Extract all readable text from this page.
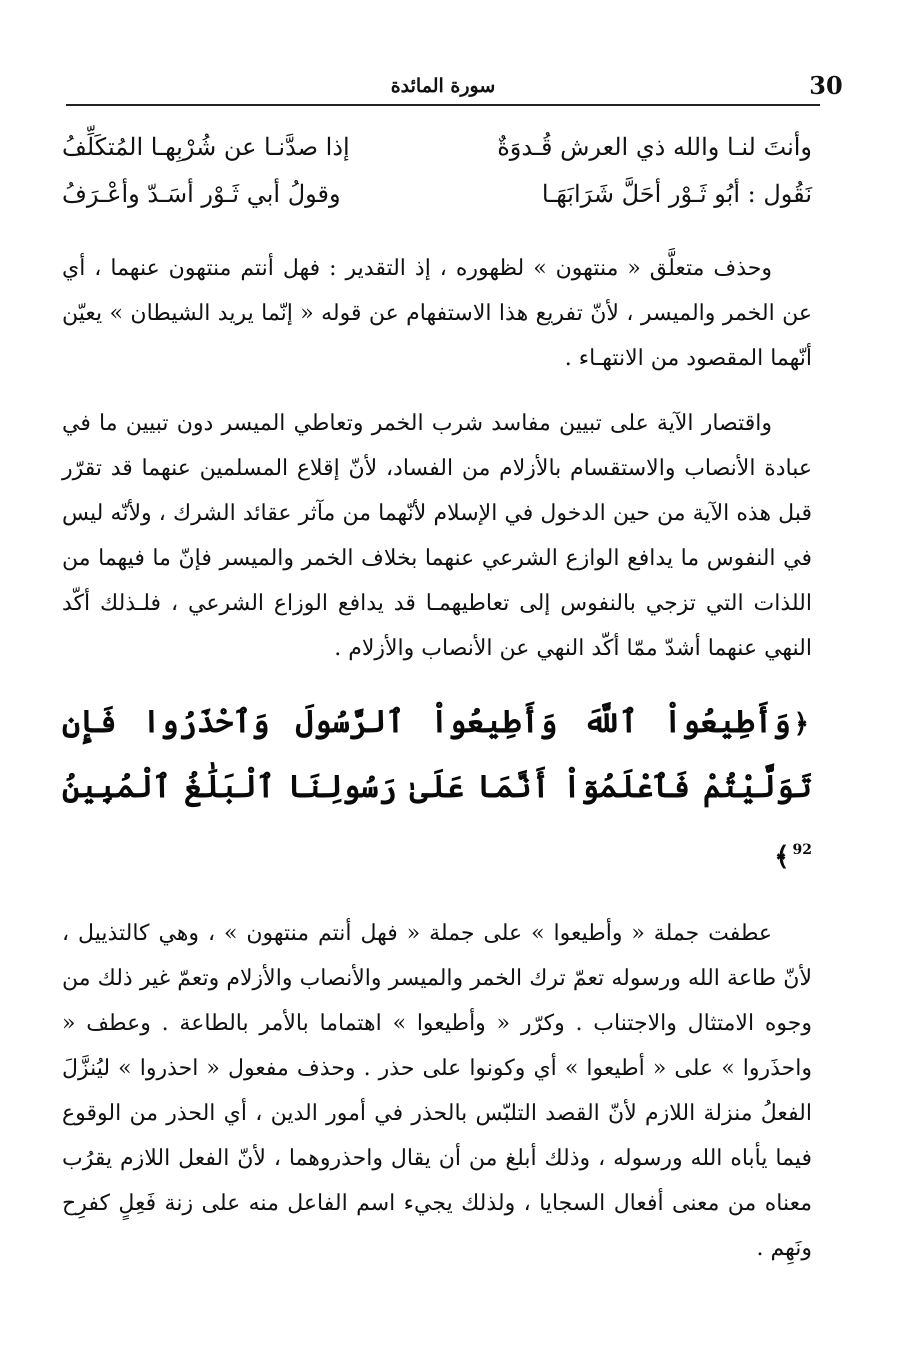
30
سورة المائدة
وأنتَ لنـا والله ذي العرش قُـدوَةٌ
إذا صدَّنـا عن شُرْبِهـا المُتكَلِّفُ
نَقُول : أبُو ثَـوْر أحَلَّ شَرَابَهَـا
وقولُ أبي ثَـوْر أسَـدّ وأعْـرَفُ

وحذف متعلَّق « منتهون » لظهوره ، إذ التقدير : فهل أنتم منتهون عنهما ، أي عن الخمر والميسر ، لأنّ تفريع هذا الاستفهام عن قوله « إنّما يريد الشيطان » يعيّن أنّهما المقصود من الانتهـاء .

واقتصار الآية على تبيين مفاسد شرب الخمر وتعاطي الميسر دون تبيين ما في عبادة الأنصاب والاستقسام بالأزلام من الفساد، لأنّ إقلاع المسلمين عنهما قد تقرّر قبل هذه الآية من حين الدخول في الإسلام لأنّهما من مآثر عقائد الشرك ، ولأنّه ليس في النفوس ما يدافع الوازع الشرعي عنهما بخلاف الخمر والميسر فإنّ ما فيهما من اللذات التي تزجي بالنفوس إلى تعاطيهمـا قد يدافع الوزاع الشرعي ، فلـذلك أكّد النهي عنهما أشدّ ممّا أكّد النهي عن الأنصاب والأزلام .

﴿وَأَطِيعُواْ ٱللَّهَ وَأَطِيعُواْ ٱلرَّسُولَ وَٱحْذَرُوا فَإِن تَوَلَّيْتُمْ فَٱعْلَمُوٓاْ أَنَّمَا عَلَىٰ رَسُولِنَا ٱلْبَلَٰغُ ٱلْمُبِينُ $^{92}$﴾

عطفت جملة « وأطيعوا » على جملة « فهل أنتم منتهون » ، وهي كالتذييل ، لأنّ طاعة الله ورسوله تعمّ ترك الخمر والميسر والأنصاب والأزلام وتعمّ غير ذلك من وجوه الامتثال والاجتناب . وكرّر « وأطيعوا » اهتماما بالأمر بالطاعة . وعطف « واحذَروا » على « أطيعوا » أي وكونوا على حذر . وحذف مفعول « احذروا » ليُنزَّلَ الفعلُ منزلة اللازم لأنّ القصد التلبّس بالحذر في أمور الدين ، أي الحذر من الوقوع فيما يأباه الله ورسوله ، وذلك أبلغ من أن يقال واحذروهما ، لأنّ الفعل اللازم يقرُب معناه من معنى أفعال السجايا ، ولذلك يجيء اسم الفاعل منه على زنة فَعِلٍ كفرِح ونَهِم .
